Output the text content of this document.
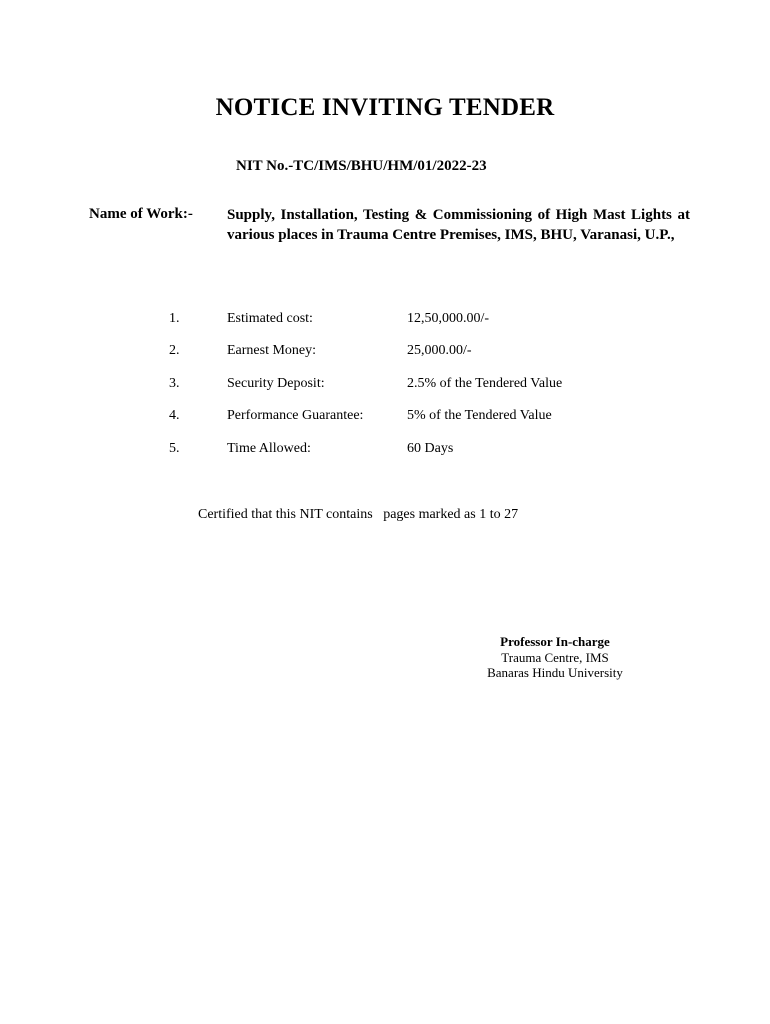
NOTICE INVITING TENDER
NIT No.-TC/IMS/BHU/HM/01/2022-23
Name of Work:- Supply, Installation, Testing & Commissioning of High Mast Lights at various places in Trauma Centre Premises, IMS, BHU, Varanasi, U.P.,
1.	Estimated cost:	12,50,000.00/-
2.	Earnest Money:	25,000.00/-
3.	Security Deposit:	2.5% of the Tendered Value
4.	Performance Guarantee:	5% of the Tendered Value
5.	Time Allowed:	60 Days
Certified that this NIT contains   pages marked as 1 to 27
Professor In-charge
Trauma Centre, IMS
Banaras Hindu University
